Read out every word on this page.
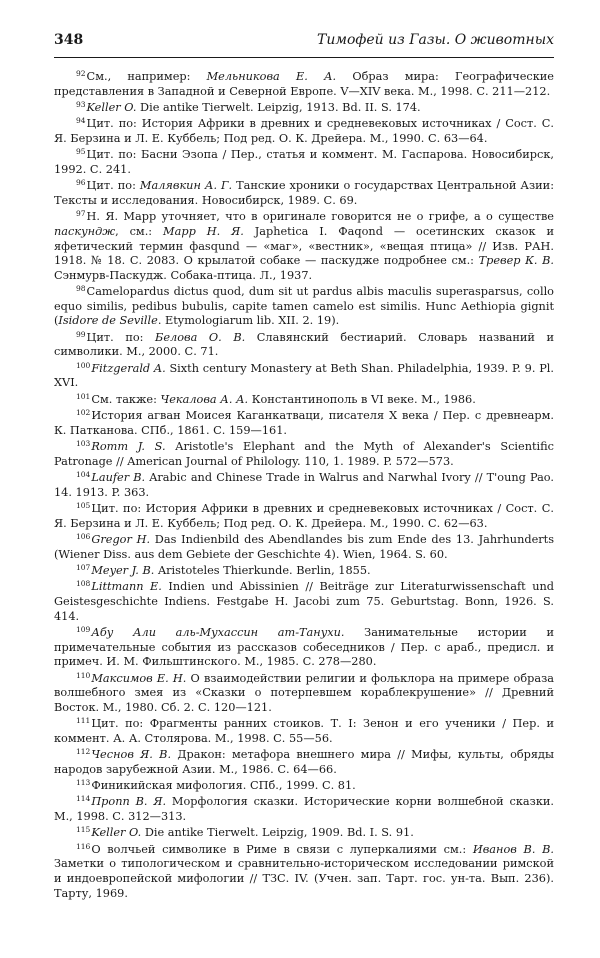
348	Тимофей из Газы. О животных

$^{92}$См., например: Мельникова Е. А. Образ мира: Географические представления в Западной и Северной Европе. V—XIV века. М., 1998. С. 211—212.

$^{93}$Keller O. Die antike Tierwelt. Leipzig, 1913. Bd. II. S. 174.

$^{94}$Цит. по: История Африки в древних и средневековых источниках / Сост. С. Я. Берзина и Л. Е. Куббель; Под ред. О. К. Дрейера. М., 1990. С. 63—64.

$^{95}$Цит. по: Басни Эзопа / Пер., статья и коммент. М. Гаспарова. Новосибирск, 1992. С. 241.

$^{96}$Цит. по: Малявкин А. Г. Танские хроники о государствах Центральной Азии: Тексты и исследования. Новосибирск, 1989. С. 69.

$^{97}$Н. Я. Марр уточняет, что в оригинале говорится не о грифе, а о существе паскундж, см.: Марр Н. Я. Japhetica I. Фaqond — осетинских сказок и яфетический термин фasqund — «маг», «вестник», «вещая птица» // Изв. РАН. 1918. № 18. С. 2083. О крылатой собаке — паскудже подробнее см.: Тревер К. В. Сэнмурв-Паскудж. Собака-птица. Л., 1937.

$^{98}$Camelopardus dictus quod, dum sit ut pardus albis maculis superasparsus, collo equo similis, pedibus bubulis, capite tamen camelo est similis. Hunc Aethiopia gignit (Isidore de Seville. Etymologiarum lib. XII. 2. 19).

$^{99}$Цит. по: Белова О. В. Славянский бестиарий. Словарь названий и символики. М., 2000. С. 71.

$^{100}$Fitzgerald A. Sixth century Monastery at Beth Shan. Philadelphia, 1939. P. 9. Pl. XVI.

$^{101}$См. также: Чекалова А. А. Константинополь в VI веке. М., 1986.

$^{102}$История агван Моисея Каганкатваци, писателя X века / Пер. с древнеарм. К. Патканова. СПб., 1861. С. 159—161.

$^{103}$Romm J. S. Aristotle's Elephant and the Myth of Alexander's Scientific Patronage // American Journal of Philology. 110, 1. 1989. P. 572—573.

$^{104}$Laufer B. Arabic and Chinese Trade in Walrus and Narwhal Ivory // T'oung Pao. 14. 1913. P. 363.

$^{105}$Цит. по: История Африки в древних и средневековых источниках / Сост. С. Я. Берзина и Л. Е. Куббель; Под ред. О. К. Дрейера. М., 1990. С. 62—63.

$^{106}$Gregor H. Das Indienbild des Abendlandes bis zum Ende des 13. Jahrhunderts (Wiener Diss. aus dem Gebiete der Geschichte 4). Wien, 1964. S. 60.

$^{107}$Meyer J. B. Aristoteles Thierkunde. Berlin, 1855.

$^{108}$Littmann E. Indien und Abissinien // Beiträge zur Literaturwissenschaft und Geistesgeschichte Indiens. Festgabe H. Jacobi zum 75. Geburtstag. Bonn, 1926. S. 414.

$^{109}$Абу Али аль-Мухассин ат-Танухи. Занимательные истории и примечательные события из рассказов собеседников / Пер. с араб., предисл. и примеч. И. М. Фильштинского. М., 1985. С. 278—280.

$^{110}$Максимов Е. Н. О взаимодействии религии и фольклора на примере образа волшебного змея из «Сказки о потерпевшем кораблекрушение» // Древний Восток. М., 1980. Сб. 2. С. 120—121.

$^{111}$Цит. по: Фрагменты ранних стоиков. Т. I: Зенон и его ученики / Пер. и коммент. А. А. Столярова. М., 1998. С. 55—56.

$^{112}$Чеснов Я. В. Дракон: метафора внешнего мира // Мифы, культы, обряды народов зарубежной Азии. М., 1986. С. 64—66.

$^{113}$Финикийская мифология. СПб., 1999. С. 81.

$^{114}$Пропп В. Я. Морфология сказки. Исторические корни волшебной сказки. М., 1998. С. 312—313.

$^{115}$Keller O. Die antike Tierwelt. Leipzig, 1909. Bd. I. S. 91.

$^{116}$О волчьей символике в Риме в связи с луперкалиями см.: Иванов В. В. Заметки о типологическом и сравнительно-историческом исследовании римской и индоевропейской мифологии // ТЗС. IV. (Учен. зап. Тарт. гос. ун-та. Вып. 236). Тарту, 1969.
